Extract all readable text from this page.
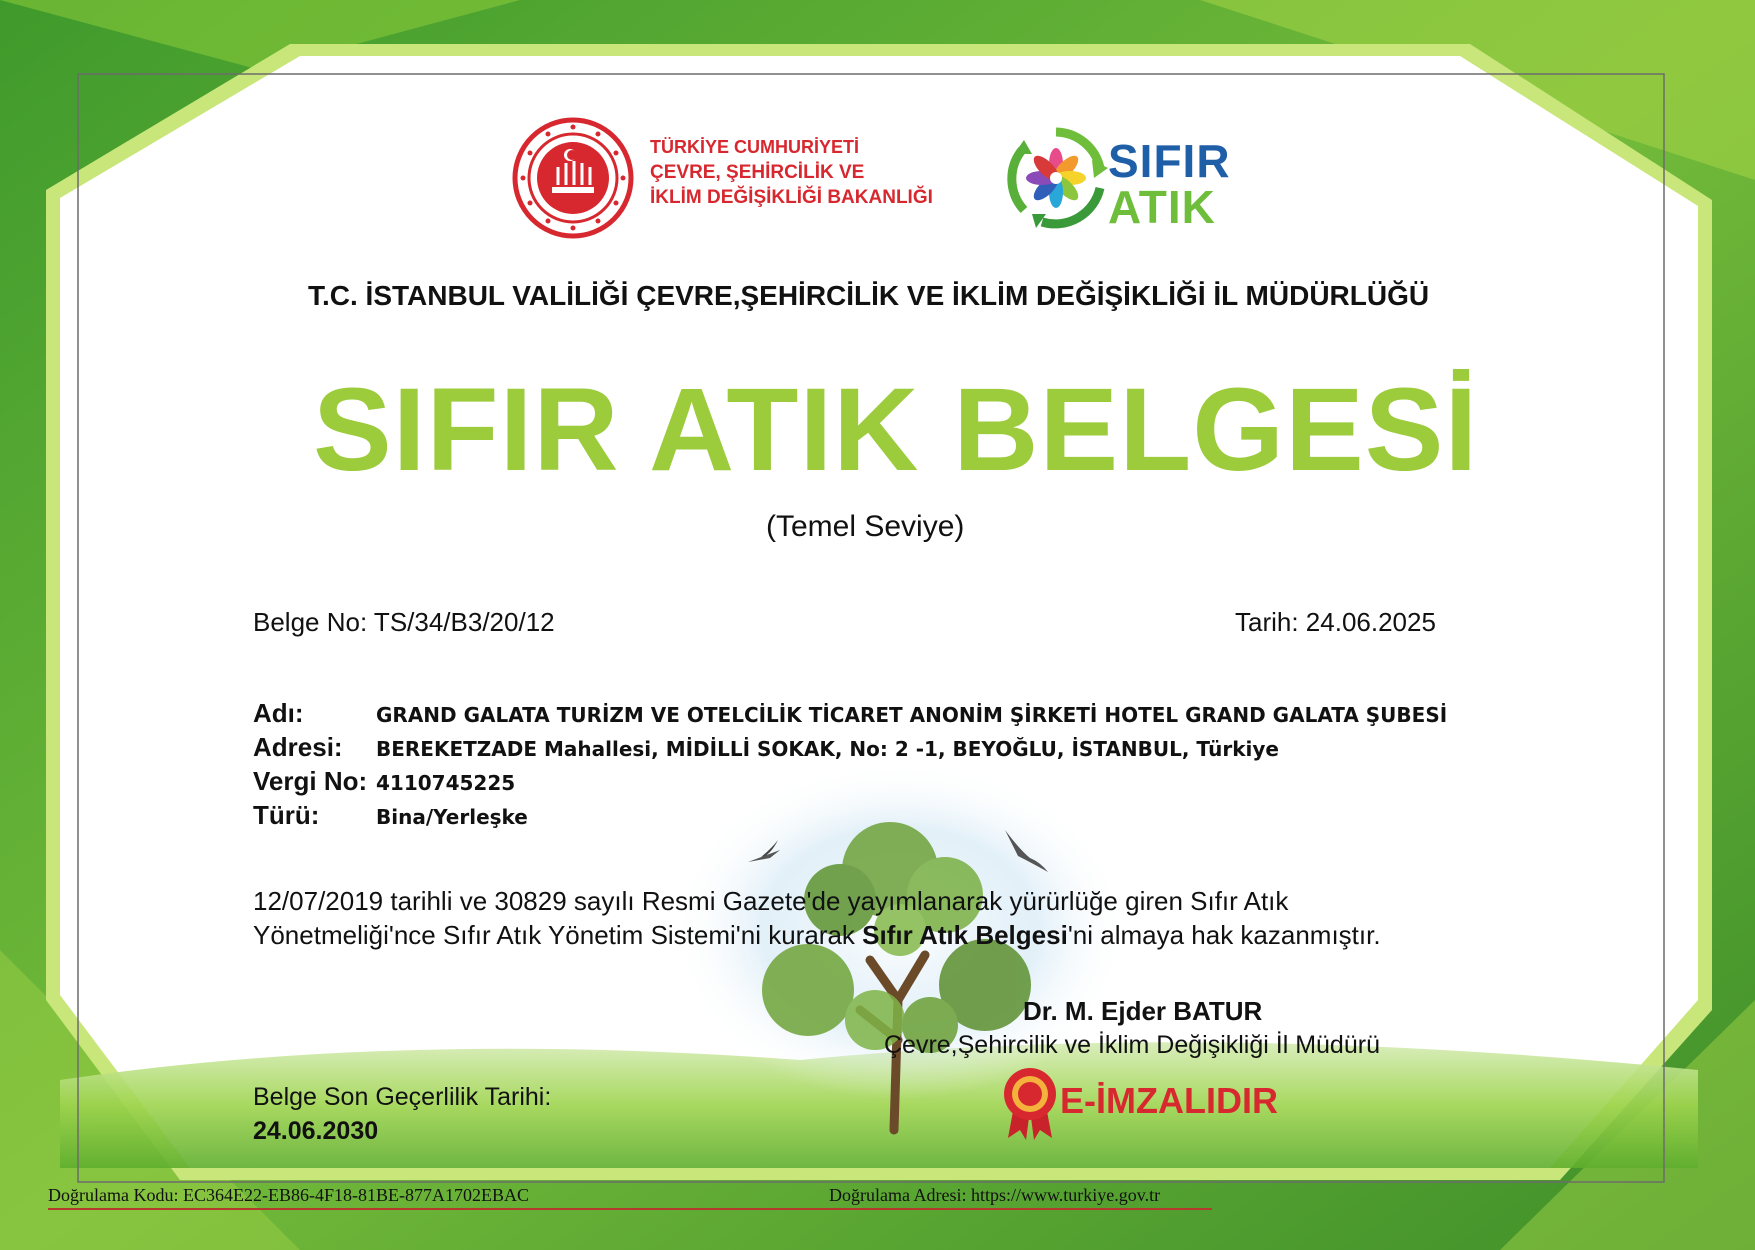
TÜRKİYE CUMHURİYETİ
ÇEVRE, ŞEHİRCİLİK VE
İKLİM DEĞİŞİKLİĞİ BAKANLIĞI
SIFIR
ATIK
T.C. İSTANBUL VALİLİĞİ ÇEVRE,ŞEHİRCİLİK VE İKLİM DEĞİŞİKLİĞİ İL MÜDÜRLÜĞÜ
SIFIR ATIK BELGESİ
(Temel Seviye)
Belge No: TS/34/B3/20/12	Tarih: 24.06.2025
Adı:	GRAND GALATA TURİZM VE OTELCİLİK TİCARET ANONİM ŞİRKETİ HOTEL GRAND GALATA ŞUBESİ
Adresi: BEREKETZADE Mahallesi, MİDİLLİ SOKAK, No: 2 -1, BEYOĞLU, İSTANBUL, Türkiye
Vergi No: 4110745225
Türü:	Bina/Yerleşke
12/07/2019 tarihli ve 30829 sayılı Resmi Gazete'de yayımlanarak yürürlüğe giren Sıfır Atık
Yönetmeliği'nce Sıfır Atık Yönetim Sistemi'ni kurarak Sıfır Atık Belgesi'ni almaya hak kazanmıştır.
Dr. M. Ejder BATUR
Çevre,Şehircilik ve İklim Değişikliği İl Müdürü
E-İMZALIDIR
Belge Son Geçerlilik Tarihi:
24.06.2030
Doğrulama Kodu: EC364E22-EB86-4F18-81BE-877A1702EBAC	Doğrulama Adresi: https://www.turkiye.gov.tr
